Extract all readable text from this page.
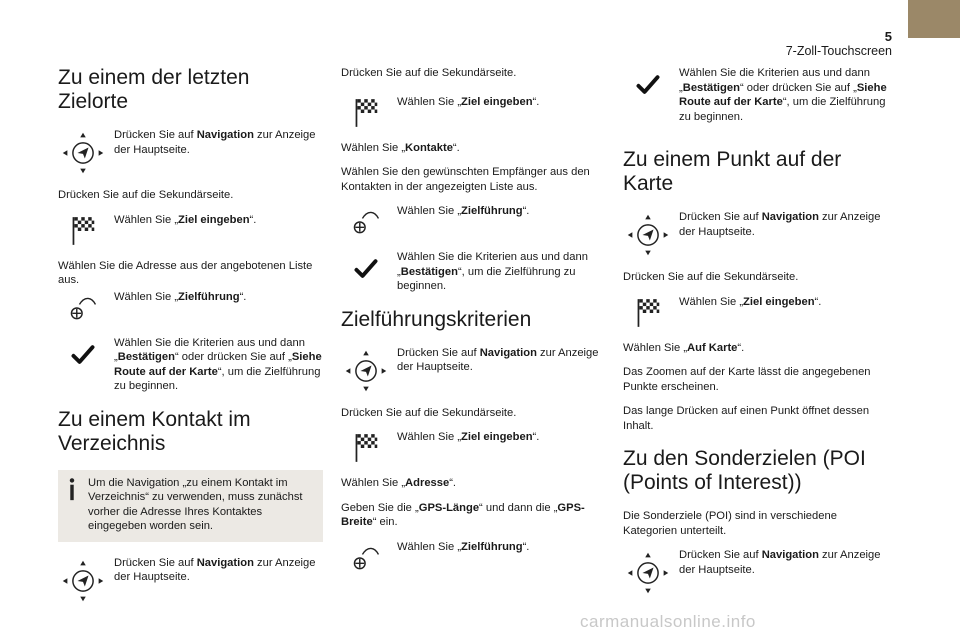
5
7-Zoll-Touchscreen
Zu einem der letzten Zielorte
Drücken Sie auf Navigation zur Anzeige der Hauptseite.
Drücken Sie auf die Sekundärseite.
Wählen Sie „Ziel eingeben“.
Wählen Sie die Adresse aus der angebotenen Liste aus.
Wählen Sie „Zielführung“.
Wählen Sie die Kriterien aus und dann „Bestätigen“ oder drücken Sie auf „Siehe Route auf der Karte“, um die Zielführung zu beginnen.
Zu einem Kontakt im Verzeichnis
Um die Navigation „zu einem Kontakt im Verzeichnis“ zu verwenden, muss zunächst vorher die Adresse Ihres Kontaktes eingegeben worden sein.
Drücken Sie auf Navigation zur Anzeige der Hauptseite.
Drücken Sie auf die Sekundärseite.
Wählen Sie „Ziel eingeben“.
Wählen Sie „Kontakte“.
Wählen Sie den gewünschten Empfänger aus den Kontakten in der angezeigten Liste aus.
Wählen Sie „Zielführung“.
Wählen Sie die Kriterien aus und dann „Bestätigen“, um die Zielführung zu beginnen.
Zielführungskriterien
Drücken Sie auf Navigation zur Anzeige der Hauptseite.
Drücken Sie auf die Sekundärseite.
Wählen Sie „Ziel eingeben“.
Wählen Sie „Adresse“.
Geben Sie die „GPS-Länge“ und dann die „GPS-Breite“ ein.
Wählen Sie „Zielführung“.
Wählen Sie die Kriterien aus und dann „Bestätigen“ oder drücken Sie auf „Siehe Route auf der Karte“, um die Zielführung zu beginnen.
Zu einem Punkt auf der Karte
Drücken Sie auf Navigation zur Anzeige der Hauptseite.
Drücken Sie auf die Sekundärseite.
Wählen Sie „Ziel eingeben“.
Wählen Sie „Auf Karte“.
Das Zoomen auf der Karte lässt die angegebenen Punkte erscheinen.
Das lange Drücken auf einen Punkt öffnet dessen Inhalt.
Zu den Sonderzielen (POI (Points of Interest))
Die Sonderziele (POI) sind in verschiedene Kategorien unterteilt.
Drücken Sie auf Navigation zur Anzeige der Hauptseite.
carmanualsonline.info
